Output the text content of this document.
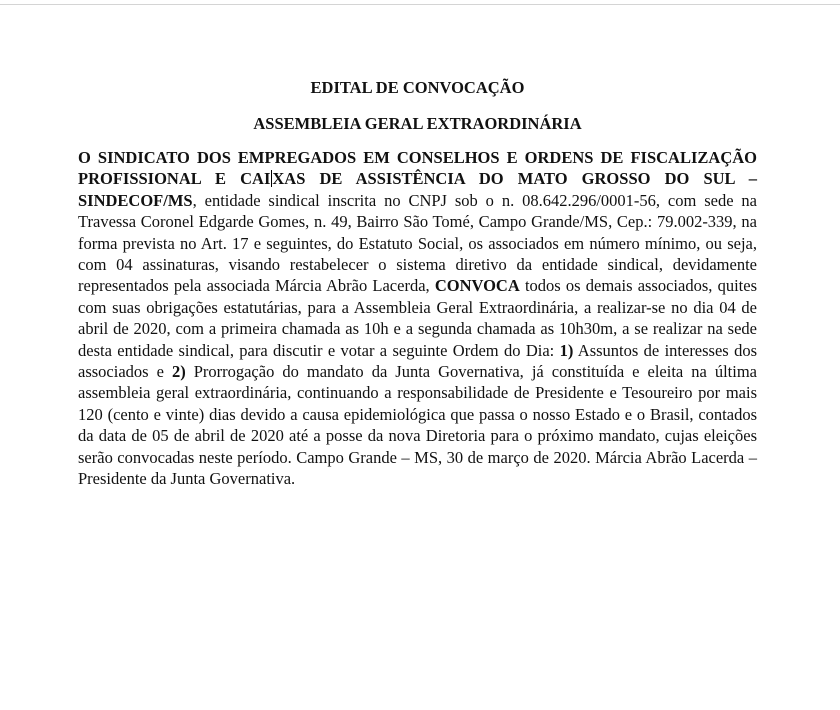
EDITAL DE CONVOCAÇÃO

ASSEMBLEIA GERAL EXTRAORDINÁRIA

O SINDICATO DOS EMPREGADOS EM CONSELHOS E ORDENS DE FISCALIZAÇÃO PROFISSIONAL E CAI XAS DE ASSISTÊNCIA DO MATO GROSSO DO SUL – SINDECOF/MS, entidade sindical inscrita no CNPJ sob o n. 08.642.296/0001-56, com sede na Travessa Coronel Edgarde Gomes, n. 49, Bairro São Tomé, Campo Grande/MS, Cep.: 79.002-339, na forma prevista no Art. 17 e seguintes, do Estatuto Social, os associados em número mínimo, ou seja, com 04 assinaturas, visando restabelecer o sistema diretivo da entidade sindical, devidamente representados pela associada Márcia Abrão Lacerda, CONVOCA todos os demais associados, quites com suas obrigações estatutárias, para a Assembleia Geral Extraordinária, a realizar-se no dia 04 de abril de 2020, com a primeira chamada as 10h e a segunda chamada as 10h30m, a se realizar na sede desta entidade sindical, para discutir e votar a seguinte Ordem do Dia: 1) Assuntos de interesses dos associados e 2) Prorrogação do mandato da Junta Governativa, já constituída e eleita na última assembleia geral extraordinária, continuando a responsabilidade de Presidente e Tesoureiro por mais 120 (cento e vinte) dias devido a causa epidemiológica que passa o nosso Estado e o Brasil, contados da data de 05 de abril de 2020 até a posse da nova Diretoria para o próximo mandato, cujas eleições serão convocadas neste período. Campo Grande – MS, 30 de março de 2020. Márcia Abrão Lacerda – Presidente da Junta Governativa.
